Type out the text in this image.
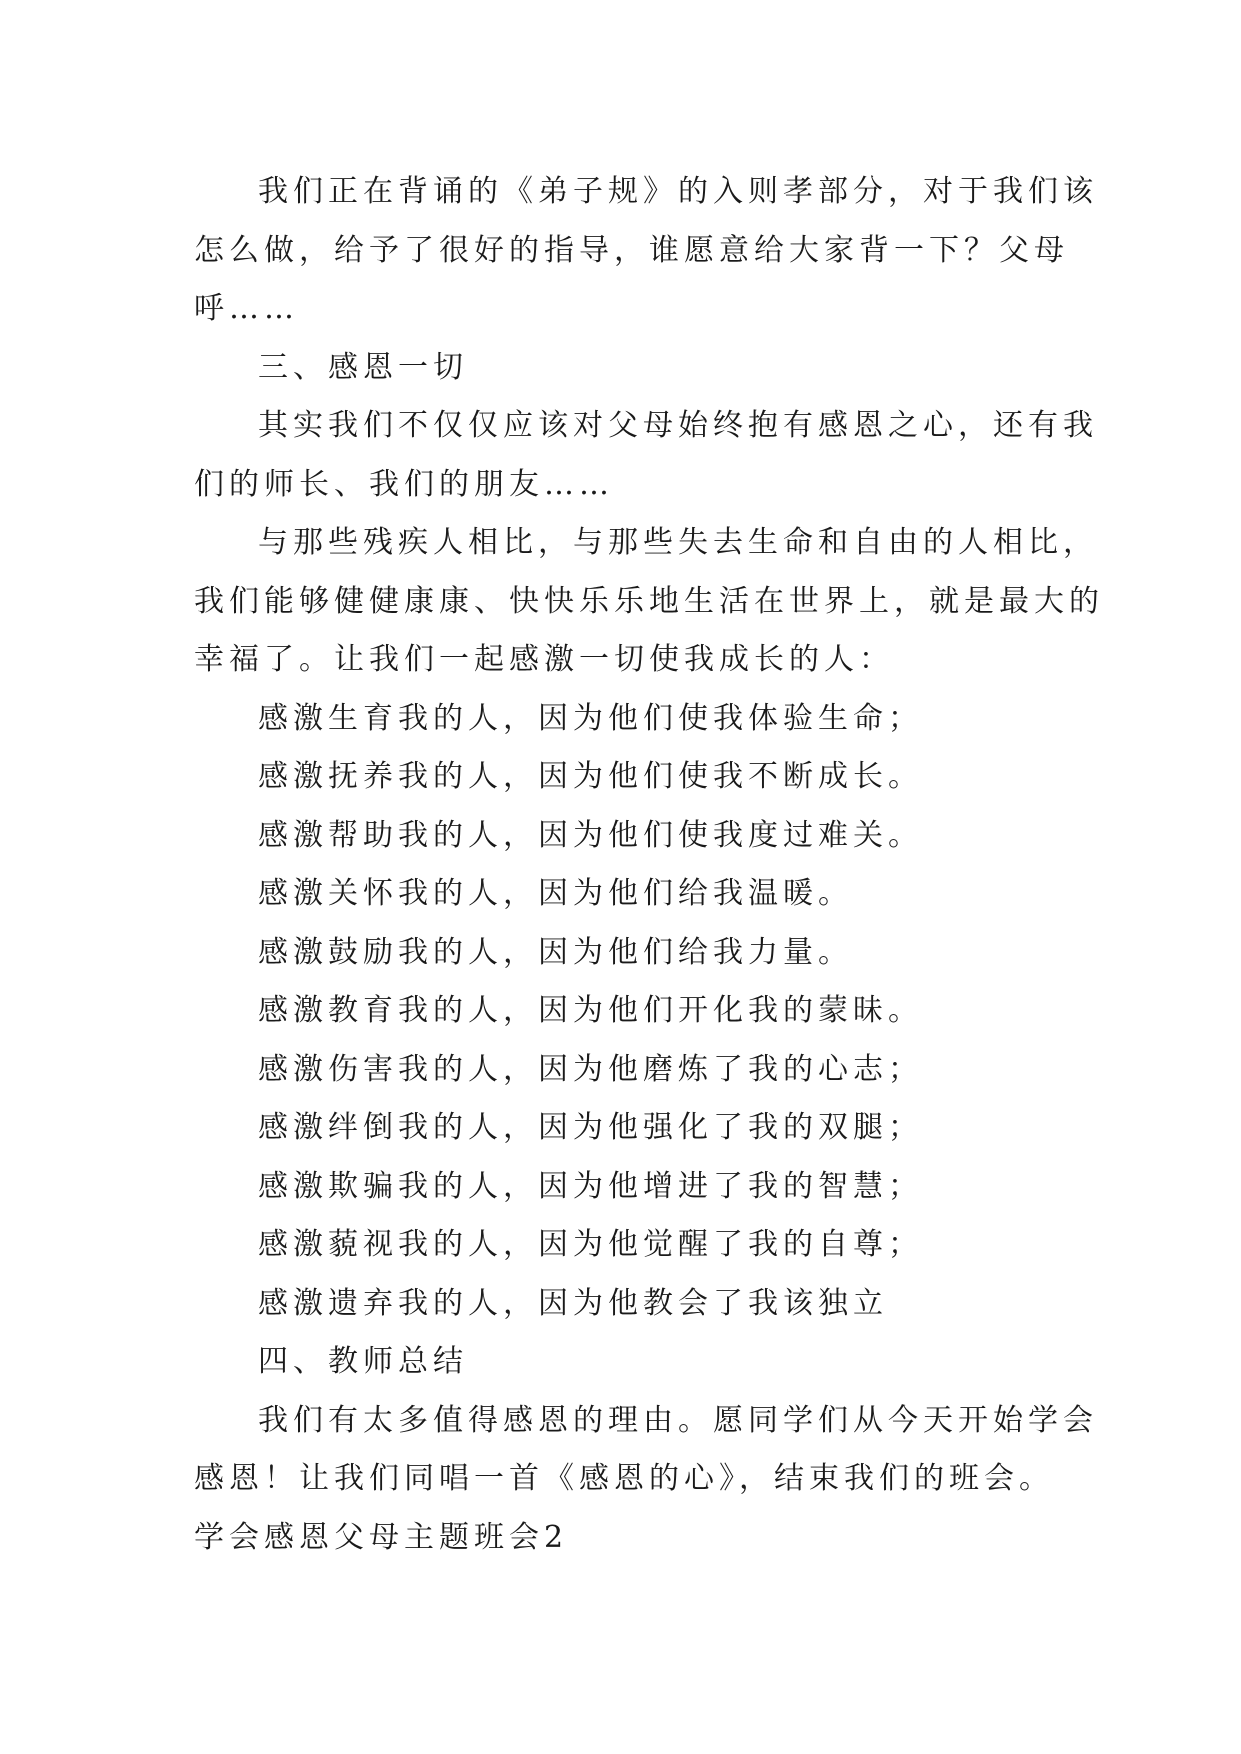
我们正在背诵的《弟子规》的入则孝部分，对于我们该
怎么做，给予了很好的指导，谁愿意给大家背一下？父母
呼……
三、感恩一切
其实我们不仅仅应该对父母始终抱有感恩之心，还有我
们的师长、我们的朋友……
与那些残疾人相比，与那些失去生命和自由的人相比，
我们能够健健康康、快快乐乐地生活在世界上，就是最大的
幸福了。让我们一起感激一切使我成长的人：
感激生育我的人，因为他们使我体验生命；
感激抚养我的人，因为他们使我不断成长。
感激帮助我的人，因为他们使我度过难关。
感激关怀我的人，因为他们给我温暖。
感激鼓励我的人，因为他们给我力量。
感激教育我的人，因为他们开化我的蒙昧。
感激伤害我的人，因为他磨炼了我的心志；
感激绊倒我的人，因为他强化了我的双腿；
感激欺骗我的人，因为他增进了我的智慧；
感激藐视我的人，因为他觉醒了我的自尊；
感激遗弃我的人，因为他教会了我该独立
四、教师总结
我们有太多值得感恩的理由。愿同学们从今天开始学会
感恩！让我们同唱一首《感恩的心》，结束我们的班会。
学会感恩父母主题班会2
